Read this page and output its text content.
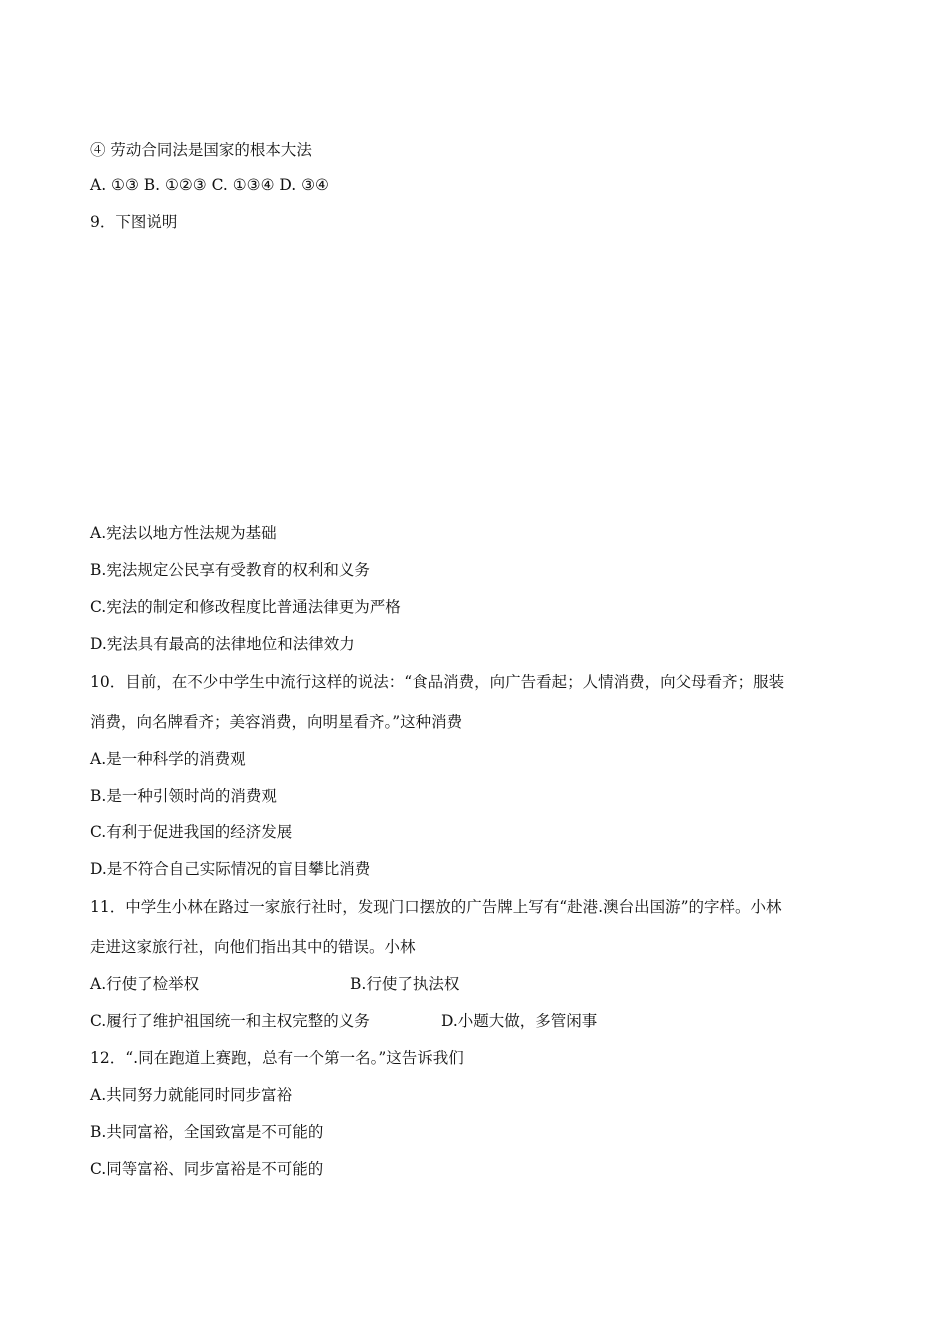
④ 劳动合同法是国家的根本大法
A. ①③ B. ①②③ C. ①③④ D. ③④
9．下图说明
A.宪法以地方性法规为基础
B.宪法规定公民享有受教育的权利和义务
C.宪法的制定和修改程度比普通法律更为严格
D.宪法具有最高的法律地位和法律效力
10．目前，在不少中学生中流行这样的说法：“食品消费，向广告看起；人情消费，向父母看齐；服装
消费，向名牌看齐；美容消费，向明星看齐。”这种消费
A.是一种科学的消费观
B.是一种引领时尚的消费观
C.有利于促进我国的经济发展
D.是不符合自己实际情况的盲目攀比消费
11．中学生小林在路过一家旅行社时，发现门口摆放的广告牌上写有“赴港.澳台出国游”的字样。小林
走进这家旅行社，向他们指出其中的错误。小林
A.行使了检举权	B.行使了执法权
C.履行了维护祖国统一和主权完整的义务	D.小题大做，多管闲事
12．“.同在跑道上赛跑，总有一个第一名。”这告诉我们
A.共同努力就能同时同步富裕
B.共同富裕，全国致富是不可能的
C.同等富裕、同步富裕是不可能的
